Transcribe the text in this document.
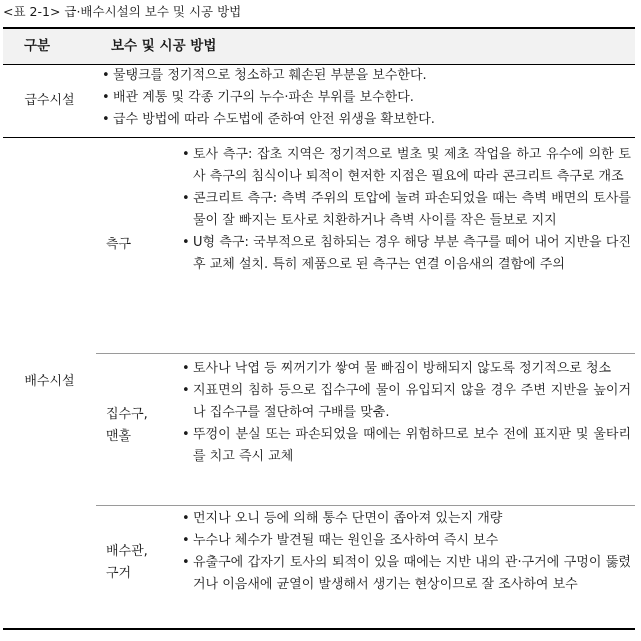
<표 2-1> 급·배수시설의 보수 및 시공 방법
구분	보수 및 시공 방법
급수시설
• 물탱크를 정기적으로 청소하고 훼손된 부분을 보수한다.
• 배관 계통 및 각종 기구의 누수·파손 부위를 보수한다.
• 급수 방법에 따라 수도법에 준하여 안전 위생을 확보한다.
배수시설
측구
• 토사 측구: 잡초 지역은 정기적으로 벌초 및 제초 작업을 하고 유수에 의한 토사 측구의 침식이나 퇴적이 현저한 지점은 필요에 따라 콘크리트 측구로 개조
• 콘크리트 측구: 측벽 주위의 토압에 눌려 파손되었을 때는 측벽 배면의 토사를 물이 잘 빠지는 토사로 치환하거나 측벽 사이를 작은 들보로 지지
• U형 측구: 국부적으로 침하되는 경우 해당 부분 측구를 떼어 내어 지반을 다진 후 교체 설치. 특히 제품으로 된 측구는 연결 이음새의 결함에 주의
집수구, 맨홀
• 토사나 낙엽 등 찌꺼기가 쌓여 물 빠짐이 방해되지 않도록 정기적으로 청소
• 지표면의 침하 등으로 집수구에 물이 유입되지 않을 경우 주변 지반을 높이거나 집수구를 절단하여 구배를 맞춤.
• 뚜껑이 분실 또는 파손되었을 때에는 위험하므로 보수 전에 표지판 및 울타리를 치고 즉시 교체
배수관, 구거
• 먼지나 오니 등에 의해 통수 단면이 좁아져 있는지 개량
• 누수나 체수가 발견될 때는 원인을 조사하여 즉시 보수
• 유출구에 갑자기 토사의 퇴적이 있을 때에는 지반 내의 관·구거에 구멍이 뚫렸거나 이음새에 균열이 발생해서 생기는 현상이므로 잘 조사하여 보수
